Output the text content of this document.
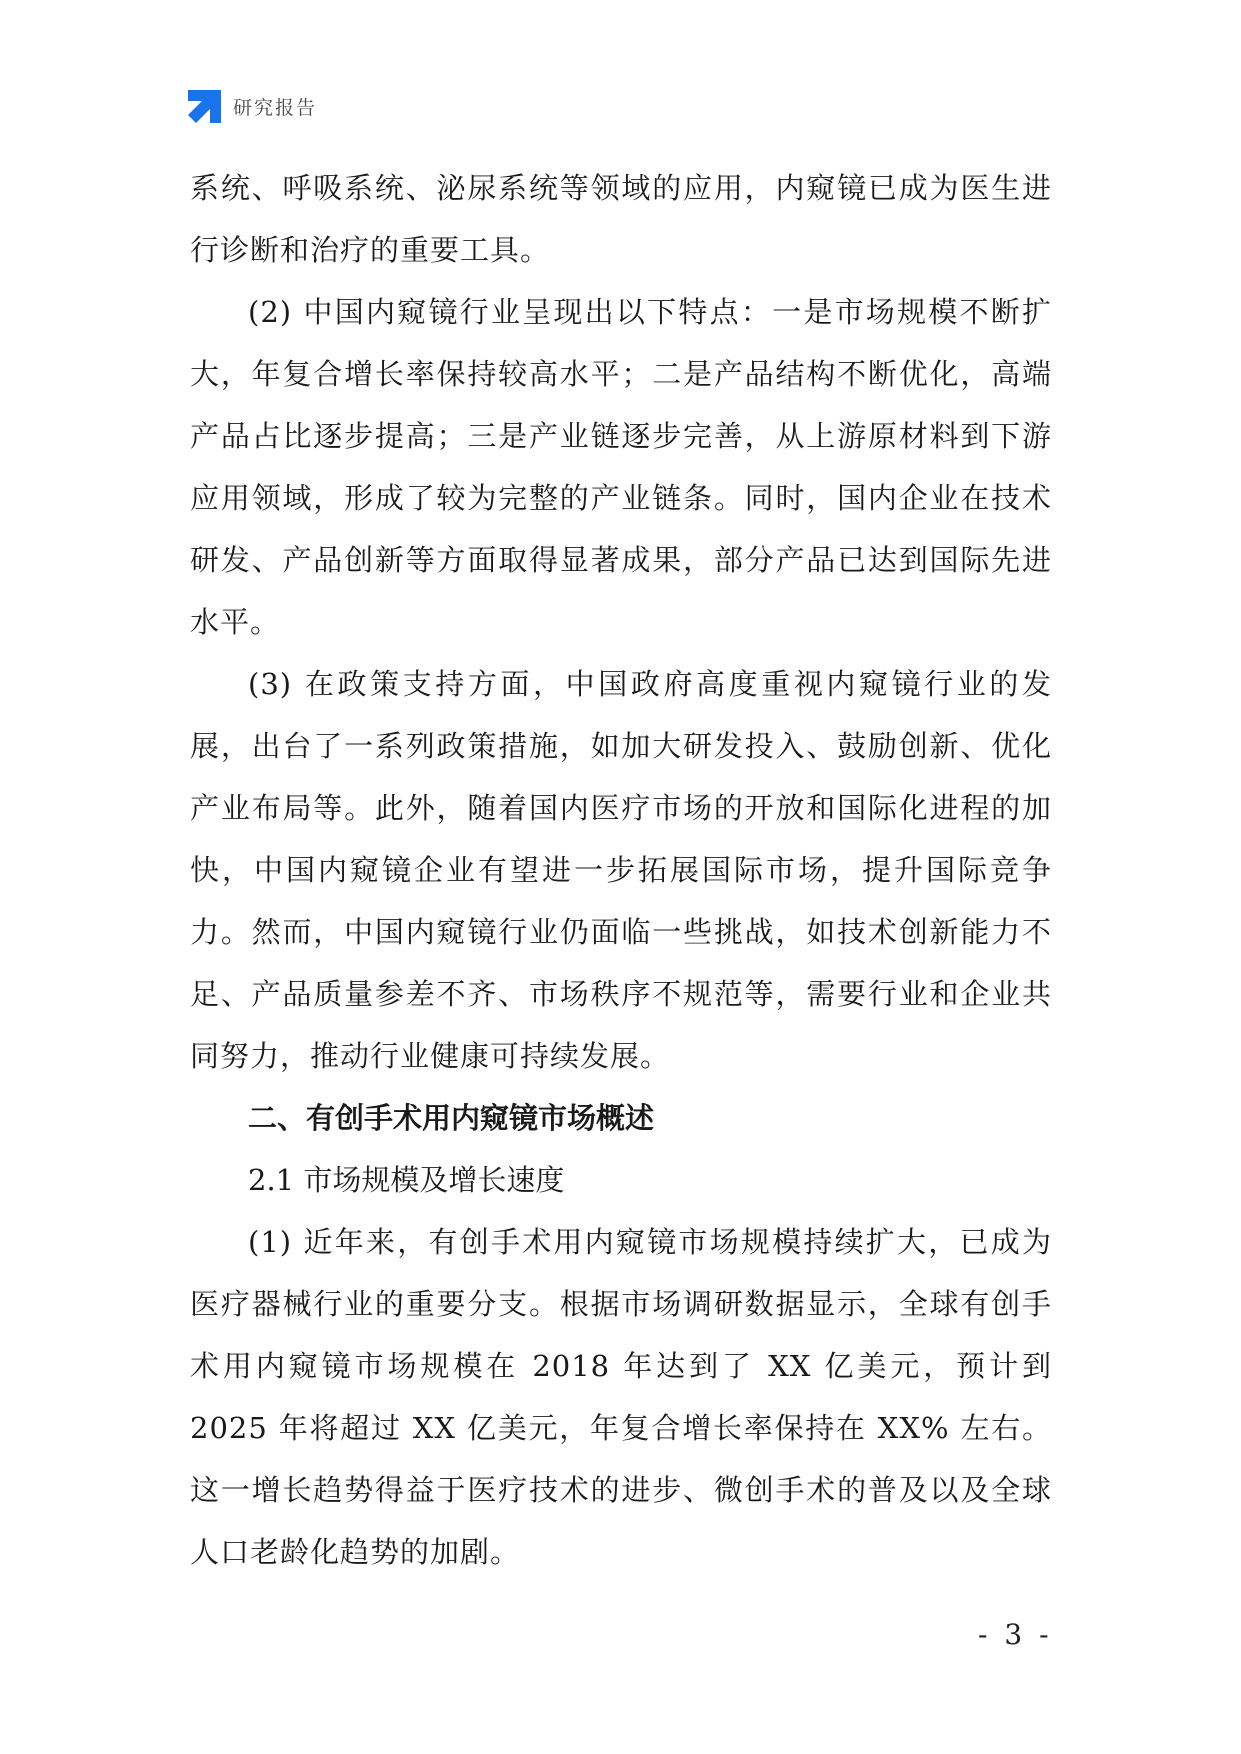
研究报告

系统、呼吸系统、泌尿系统等领域的应用，内窥镜已成为医生进行诊断和治疗的重要工具。

(2) 中国内窥镜行业呈现出以下特点：一是市场规模不断扩大，年复合增长率保持较高水平；二是产品结构不断优化，高端产品占比逐步提高；三是产业链逐步完善，从上游原材料到下游应用领域，形成了较为完整的产业链条。同时，国内企业在技术研发、产品创新等方面取得显著成果，部分产品已达到国际先进水平。

(3) 在政策支持方面，中国政府高度重视内窥镜行业的发展，出台了一系列政策措施，如加大研发投入、鼓励创新、优化产业布局等。此外，随着国内医疗市场的开放和国际化进程的加快，中国内窥镜企业有望进一步拓展国际市场，提升国际竞争力。然而，中国内窥镜行业仍面临一些挑战，如技术创新能力不足、产品质量参差不齐、市场秩序不规范等，需要行业和企业共同努力，推动行业健康可持续发展。

二、有创手术用内窥镜市场概述

2.1 市场规模及增长速度

(1) 近年来，有创手术用内窥镜市场规模持续扩大，已成为医疗器械行业的重要分支。根据市场调研数据显示，全球有创手术用内窥镜市场规模在 2018 年达到了 XX 亿美元，预计到 2025 年将超过 XX 亿美元，年复合增长率保持在 XX% 左右。这一增长趋势得益于医疗技术的进步、微创手术的普及以及全球人口老龄化趋势的加剧。

- 3 -
